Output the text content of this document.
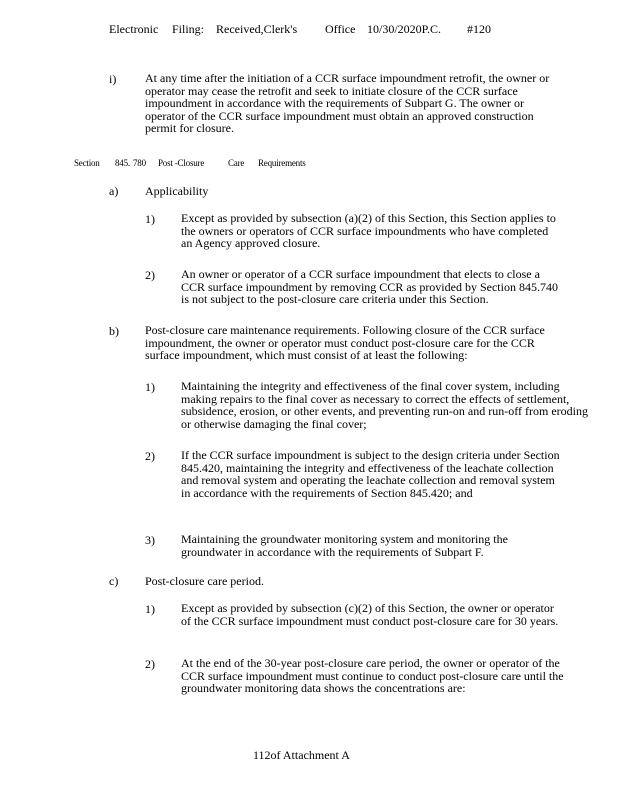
Electronic Filing: Received,Clerk's Office 10/30/2020P.C. #120
i) At any time after the initiation of a CCR surface impoundment retrofit, the owner or operator may cease the retrofit and seek to initiate closure of the CCR surface impoundment in accordance with the requirements of Subpart G. The owner or operator of the CCR surface impoundment must obtain an approved construction permit for closure.
Section 845. 780 Post -Closure	Care Requirements
a) Applicability
1) Except as provided by subsection (a)(2) of this Section, this Section applies to the owners or operators of CCR surface impoundments who have completed an Agency approved closure.
2) An owner or operator of a CCR surface impoundment that elects to close a CCR surface impoundment by removing CCR as provided by Section 845.740 is not subject to the post-closure care criteria under this Section.
b) Post-closure care maintenance requirements. Following closure of the CCR surface impoundment, the owner or operator must conduct post-closure care for the CCR surface impoundment, which must consist of at least the following:
1) Maintaining the integrity and effectiveness of the final cover system, including making repairs to the final cover as necessary to correct the effects of settlement, subsidence, erosion, or other events, and preventing run-on and run-off from eroding or otherwise damaging the final cover;
2) If the CCR surface impoundment is subject to the design criteria under Section 845.420, maintaining the integrity and effectiveness of the leachate collection and removal system and operating the leachate collection and removal system in accordance with the requirements of Section 845.420; and
3) Maintaining the groundwater monitoring system and monitoring the groundwater in accordance with the requirements of Subpart F.
c) Post-closure care period.
1) Except as provided by subsection (c)(2) of this Section, the owner or operator of the CCR surface impoundment must conduct post-closure care for 30 years.
2) At the end of the 30-year post-closure care period, the owner or operator of the CCR surface impoundment must continue to conduct post-closure care until the groundwater monitoring data shows the concentrations are:
112of Attachment A
